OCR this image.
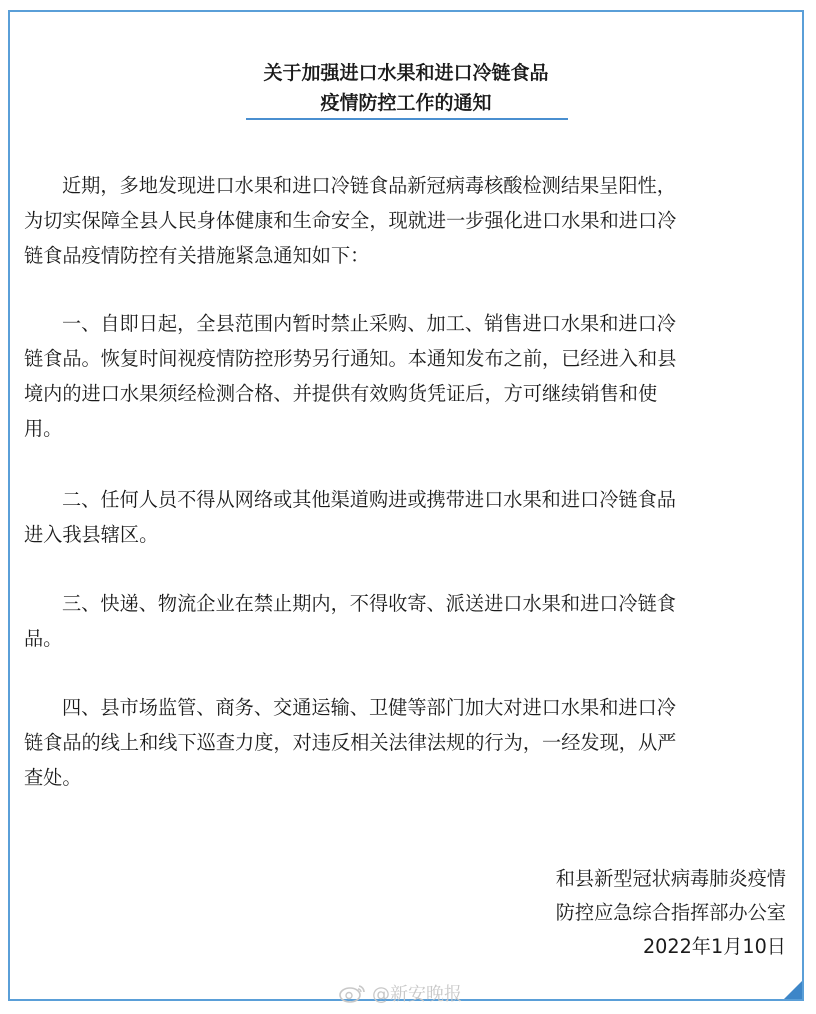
关于加强进口水果和进口冷链食品
疫情防控工作的通知
近期，多地发现进口水果和进口冷链食品新冠病毒核酸检测结果呈阳性，
为切实保障全县人民身体健康和生命安全，现就进一步强化进口水果和进口冷
链食品疫情防控有关措施紧急通知如下：
一、自即日起，全县范围内暂时禁止采购、加工、销售进口水果和进口冷
链食品。恢复时间视疫情防控形势另行通知。本通知发布之前，已经进入和县
境内的进口水果须经检测合格、并提供有效购货凭证后，方可继续销售和使
用。
二、任何人员不得从网络或其他渠道购进或携带进口水果和进口冷链食品
进入我县辖区。
三、快递、物流企业在禁止期内，不得收寄、派送进口水果和进口冷链食
品。
四、县市场监管、商务、交通运输、卫健等部门加大对进口水果和进口冷
链食品的线上和线下巡查力度，对违反相关法律法规的行为，一经发现，从严
查处。
和县新型冠状病毒肺炎疫情
防控应急综合指挥部办公室
2022年1月10日
@新安晚报
